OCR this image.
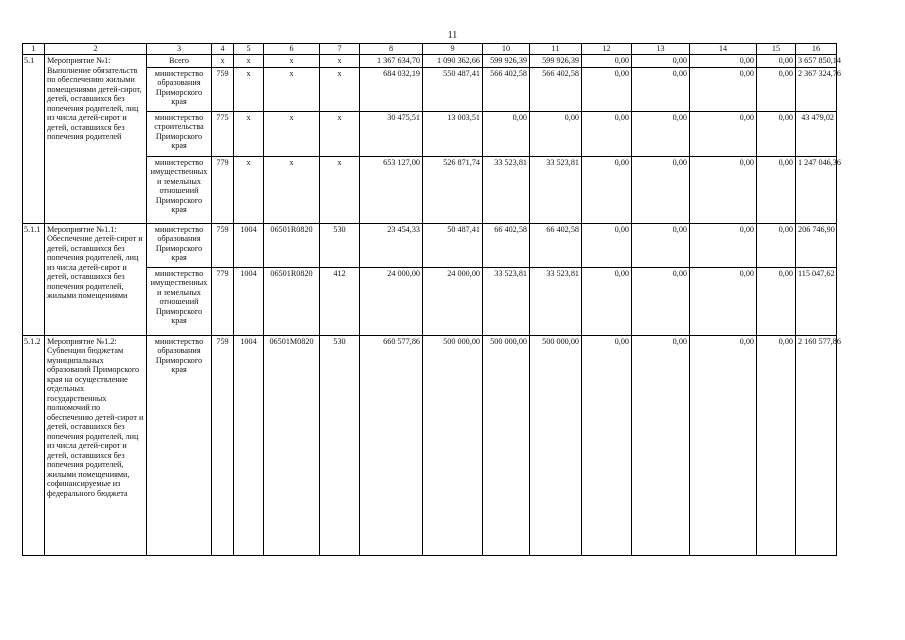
11
1	2	3	4	5	6	7	8	9	10	11	12	13	14	15	16
5.1	Мероприятие №1: Выполнение обязательств по обеспечению жилыми помещениями детей-сирот, детей, оставшихся без попечения родителей, лиц из числа детей-сирот и детей, оставшихся без попечения родителей	Всего	x	x	x	x	1 367 634,70	1 090 362,66	599 926,39	599 926,39	0,00	0,00	0,00	0,00	3 657 850,14
		министерство образования Приморского края	759	x	x	x	684 032,19	550 487,41	566 402,58	566 402,58	0,00	0,00	0,00	0,00	2 367 324,76
		министерство строительства Приморского края	775	x	x	x	30 475,51	13 003,51	0,00	0,00	0,00	0,00	0,00	0,00	43 479,02
		министерство имущественных и земельных отношений Приморского края	779	x	x	x	653 127,00	526 871,74	33 523,81	33 523,81	0,00	0,00	0,00	0,00	1 247 046,36
5.1.1	Мероприятие №1.1: Обеспечение детей-сирот и детей, оставшихся без попечения родителей, лиц из числа детей-сирот и детей, оставшихся без попечения родителей, жилыми помещениями	министерство образования Приморского края	759	1004	06501R0820	530	23 454,33	50 487,41	66 402,58	66 402,58	0,00	0,00	0,00	0,00	206 746,90
		министерство имущественных и земельных отношений Приморского края	779	1004	06501R0820	412	24 000,00	24 000,00	33 523,81	33 523,81	0,00	0,00	0,00	0,00	115 047,62
5.1.2	Мероприятие №1.2: Субвенции бюджетам муниципальных образований Приморского края на осуществление отдельных государственных полномочий по обеспечению детей-сирот и детей, оставшихся без попечения родителей, лиц из числа детей-сирот и детей, оставшихся без попечения родителей, жилыми помещениями, софинансируемые из федерального бюджета	министерство образования Приморского края	759	1004	06501M0820	530	660 577,86	500 000,00	500 000,00	500 000,00	0,00	0,00	0,00	0,00	2 160 577,86
